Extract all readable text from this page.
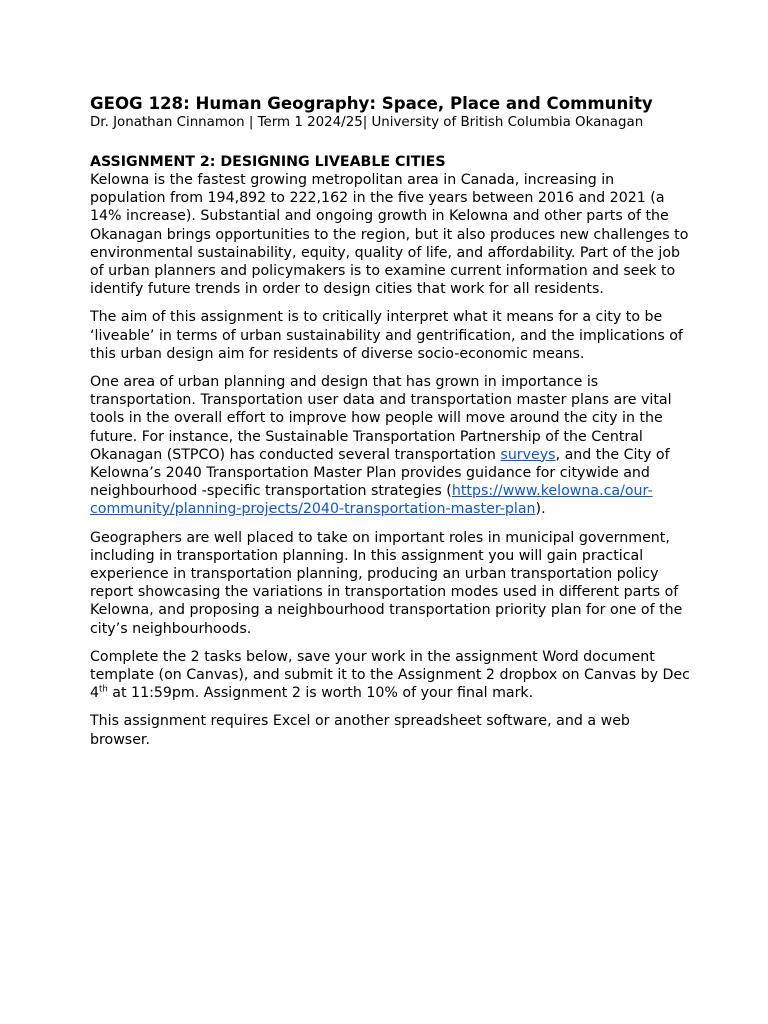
GEOG 128: Human Geography: Space, Place and Community

Dr. Jonathan Cinnamon | Term 1 2024/25| University of British Columbia Okanagan

ASSIGNMENT 2: DESIGNING LIVEABLE CITIES

Kelowna is the fastest growing metropolitan area in Canada, increasing in population from 194,892 to 222,162 in the five years between 2016 and 2021 (a 14% increase). Substantial and ongoing growth in Kelowna and other parts of the Okanagan brings opportunities to the region, but it also produces new challenges to environmental sustainability, equity, quality of life, and affordability. Part of the job of urban planners and policymakers is to examine current information and seek to identify future trends in order to design cities that work for all residents.

The aim of this assignment is to critically interpret what it means for a city to be ‘liveable’ in terms of urban sustainability and gentrification, and the implications of this urban design aim for residents of diverse socio-economic means.

One area of urban planning and design that has grown in importance is transportation. Transportation user data and transportation master plans are vital tools in the overall effort to improve how people will move around the city in the future. For instance, the Sustainable Transportation Partnership of the Central Okanagan (STPCO) has conducted several transportation surveys, and the City of Kelowna’s 2040 Transportation Master Plan provides guidance for citywide and neighbourhood -specific transportation strategies (https://www.kelowna.ca/our-community/planning-projects/2040-transportation-master-plan).

Geographers are well placed to take on important roles in municipal government, including in transportation planning. In this assignment you will gain practical experience in transportation planning, producing an urban transportation policy report showcasing the variations in transportation modes used in different parts of Kelowna, and proposing a neighbourhood transportation priority plan for one of the city’s neighbourhoods.

Complete the 2 tasks below, save your work in the assignment Word document template (on Canvas), and submit it to the Assignment 2 dropbox on Canvas by Dec 4th at 11:59pm. Assignment 2 is worth 10% of your final mark.

This assignment requires Excel or another spreadsheet software, and a web browser.
